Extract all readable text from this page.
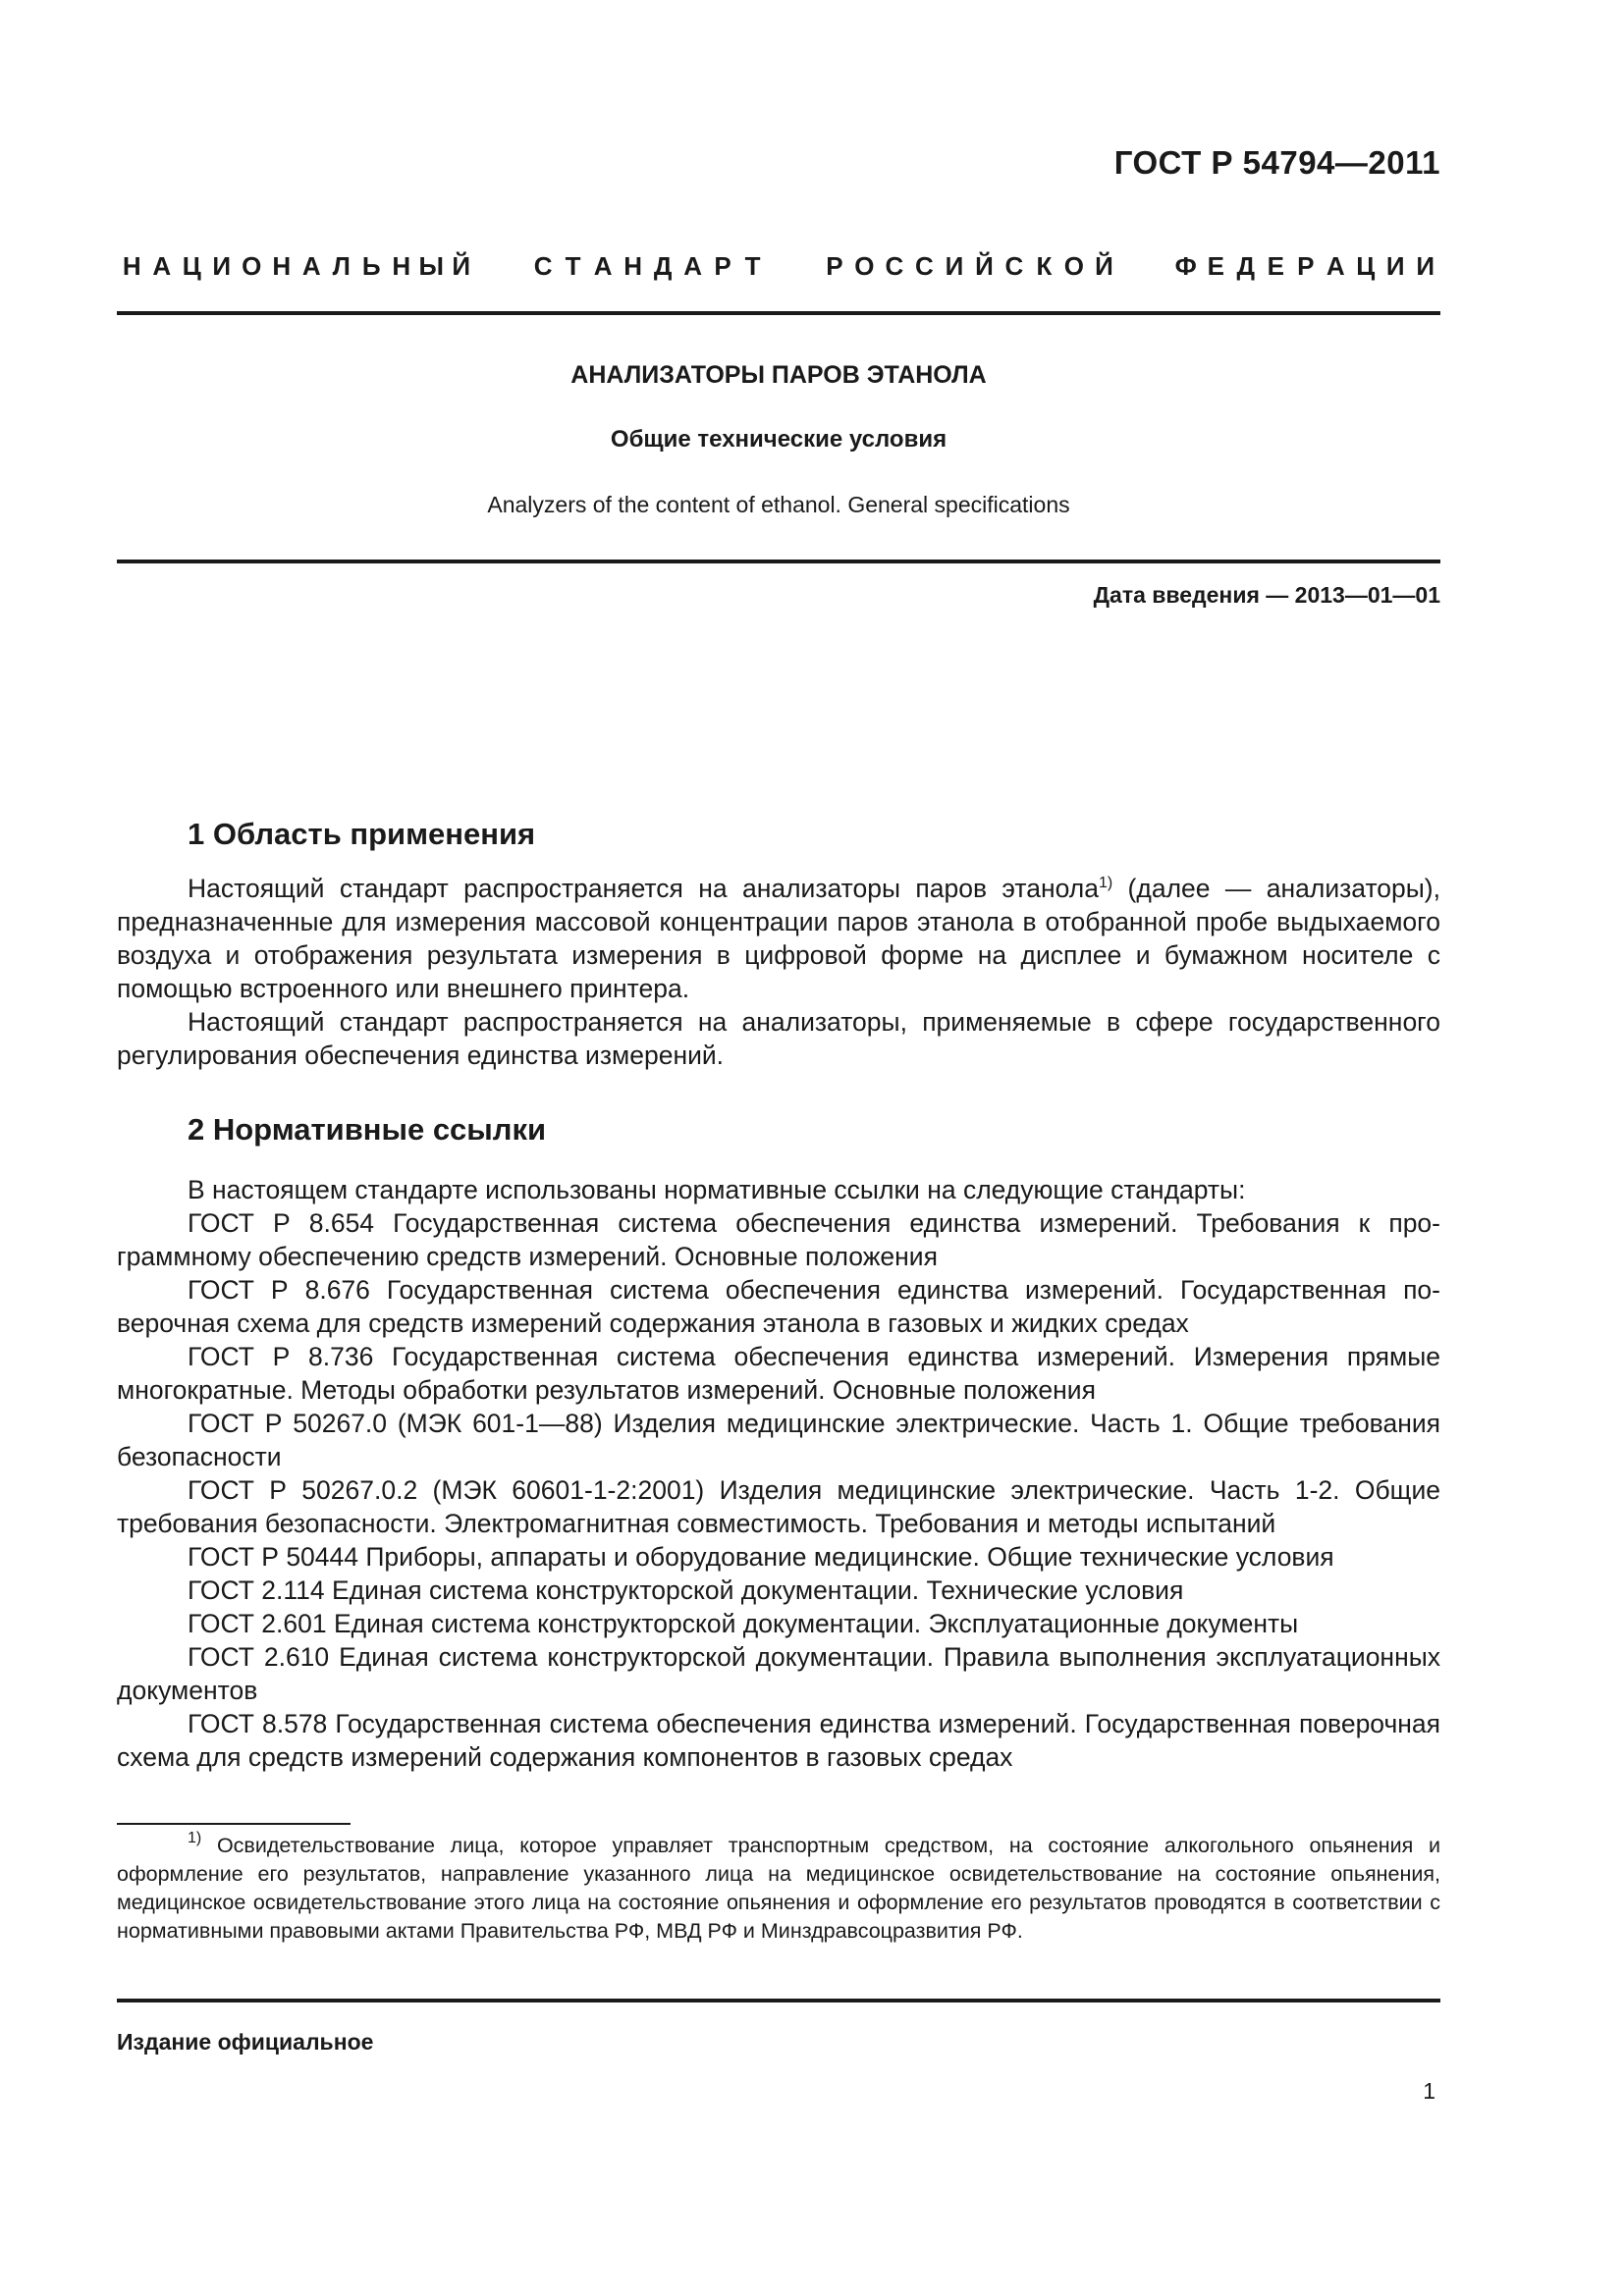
ГОСТ Р 54794—2011
Н А Ц И О Н А Л Ь Н Ы Й С Т А Н Д А Р Т	Р О С С И Й С К О Й Ф Е Д Е Р А Ц И И
АНАЛИЗАТОРЫ ПАРОВ ЭТАНОЛА
Общие технические условия
Analyzers of the content of ethanol. General specifications
Дата введения — 2013—01—01
1 Область применения

Настоящий стандарт распространяется на анализаторы паров этанола$^{1)}$ (далее — анализаторы), предназначенные для измерения массовой концентрации паров этанола в отобранной пробе выдыхаемого воздуха и отображения результата измерения в цифровой форме на дисплее и бумажном носителе с помощью встроенного или внешнего принтера.

Настоящий стандарт распространяется на анализаторы, применяемые в сфере государственного регулирования обеспечения единства измерений.

2 Нормативные ссылки

В настоящем стандарте использованы нормативные ссылки на следующие стандарты:

ГОСТ Р 8.654 Государственная система обеспечения единства измерений. Требования к программному обеспечению средств измерений. Основные положения

ГОСТ Р 8.676 Государственная система обеспечения единства измерений. Государственная поверочная схема для средств измерений содержания этанола в газовых и жидких средах

ГОСТ Р 8.736 Государственная система обеспечения единства измерений. Измерения прямые многократные. Методы обработки результатов измерений. Основные положения

ГОСТ Р 50267.0 (МЭК 601-1—88) Изделия медицинские электрические. Часть 1. Общие требования безопасности

ГОСТ Р 50267.0.2 (МЭК 60601-1-2:2001) Изделия медицинские электрические. Часть 1-2. Общие требования безопасности. Электромагнитная совместимость. Требования и методы испытаний

ГОСТ Р 50444 Приборы, аппараты и оборудование медицинские. Общие технические условия

ГОСТ 2.114 Единая система конструкторской документации. Технические условия

ГОСТ 2.601 Единая система конструкторской документации. Эксплуатационные документы

ГОСТ 2.610 Единая система конструкторской документации. Правила выполнения эксплуатационных документов

ГОСТ 8.578 Государственная система обеспечения единства измерений. Государственная поверочная схема для средств измерений содержания компонентов в газовых средах

$^{1)}$ Освидетельствование лица, которое управляет транспортным средством, на состояние алкогольного опьянения и оформление его результатов, направление указанного лица на медицинское освидетельствование на состояние опьянения, медицинское освидетельствование этого лица на состояние опьянения и оформление его результатов проводятся в соответствии с нормативными правовыми актами Правительства РФ, МВД РФ и Минздравсоцразвития РФ.

Издание официальное
1
